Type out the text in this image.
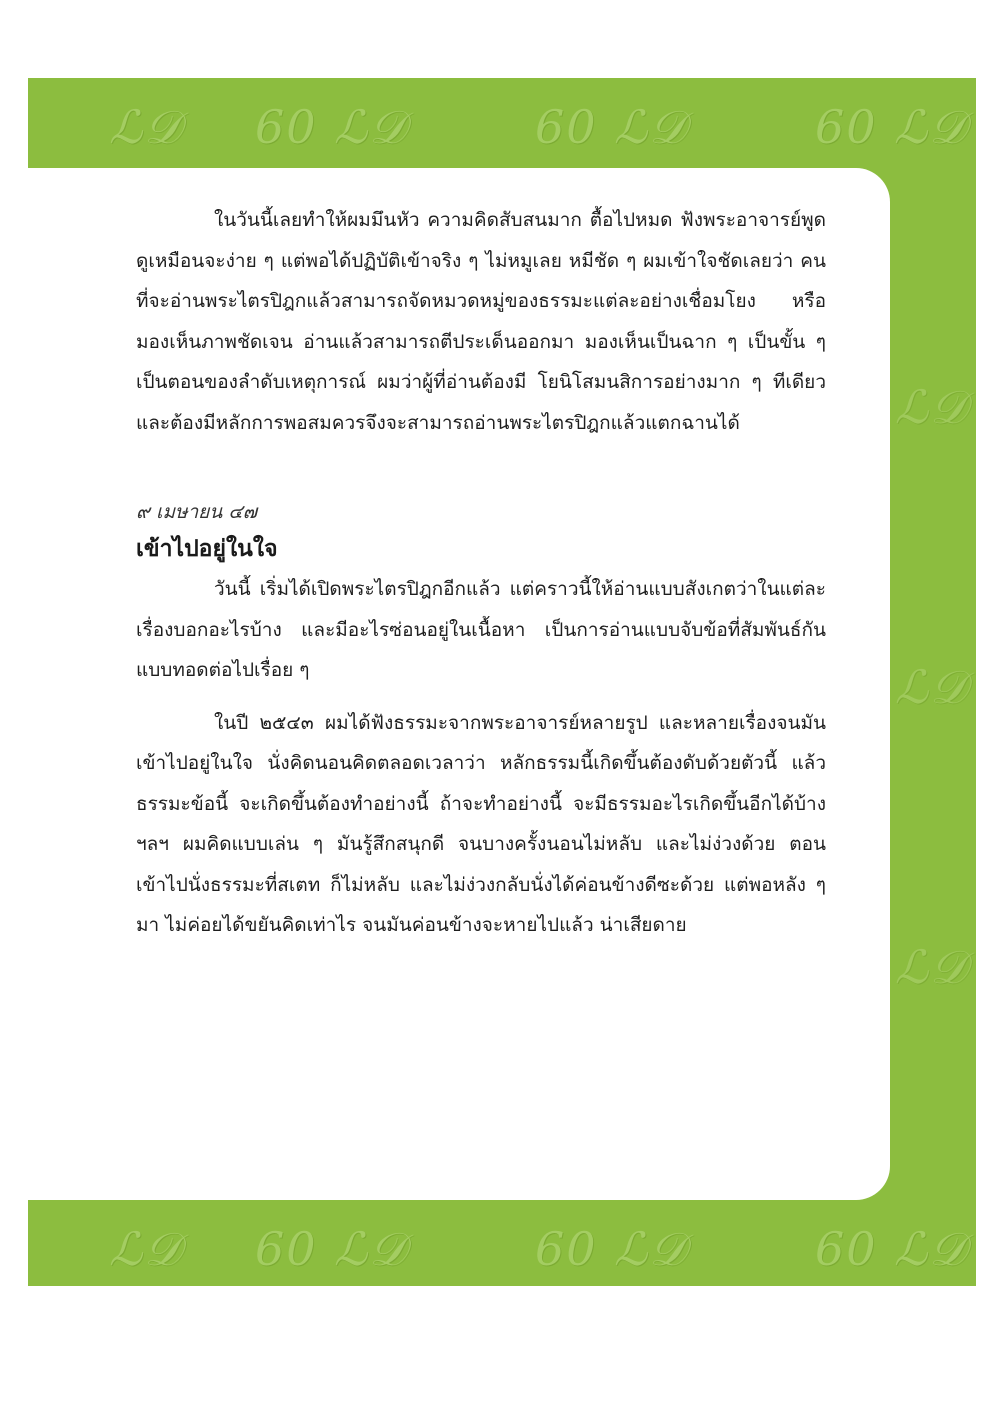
ℒ𝒟 60 ℒ𝒟	60 ℒ𝒟	60 ℒ𝒟
ℒ𝒟 60 ℒ𝒟	60 ℒ𝒟	60 ℒ𝒟
ℒ𝒟
ℒ𝒟
ℒ𝒟

ในวันนี้เลยทำให้ผมมึนหัว ความคิดสับสนมาก ตื้อไปหมด ฟังพระอาจารย์พูดดูเหมือนจะง่าย ๆ แต่พอได้ปฏิบัติเข้าจริง ๆ ไม่หมูเลย หมีชัด ๆ ผมเข้าใจชัดเลยว่า คนที่จะอ่านพระไตรปิฎกแล้วสามารถจัดหมวดหมู่ของธรรมะแต่ละอย่างเชื่อมโยง หรือมองเห็นภาพชัดเจน อ่านแล้วสามารถตีประเด็นออกมา มองเห็นเป็นฉาก ๆ เป็นขั้น ๆ เป็นตอนของลำดับเหตุการณ์ ผมว่าผู้ที่อ่านต้องมี โยนิโสมนสิการอย่างมาก ๆ ทีเดียว และต้องมีหลักการพอสมควรจึงจะสามารถอ่านพระไตรปิฎกแล้วแตกฉานได้

๙ เมษายน ๔๗
เข้าไปอยู่ในใจ

วันนี้ เริ่มได้เปิดพระไตรปิฎกอีกแล้ว แต่คราวนี้ให้อ่านแบบสังเกตว่าในแต่ละเรื่องบอกอะไรบ้าง และมีอะไรซ่อนอยู่ในเนื้อหา เป็นการอ่านแบบจับข้อที่สัมพันธ์กันแบบทอดต่อไปเรื่อย ๆ

ในปี ๒๕๔๓ ผมได้ฟังธรรมะจากพระอาจารย์หลายรูป และหลายเรื่องจนมันเข้าไปอยู่ในใจ นั่งคิดนอนคิดตลอดเวลาว่า หลักธรรมนี้เกิดขึ้นต้องดับด้วยตัวนี้ แล้วธรรมะข้อนี้ จะเกิดขึ้นต้องทำอย่างนี้ ถ้าจะทำอย่างนี้ จะมีธรรมอะไรเกิดขึ้นอีกได้บ้าง ฯลฯ ผมคิดแบบเล่น ๆ มันรู้สึกสนุกดี จนบางครั้งนอนไม่หลับ และไม่ง่วงด้วย ตอนเข้าไปนั่งธรรมะที่สเตท ก็ไม่หลับ และไม่ง่วงกลับนั่งได้ค่อนข้างดีซะด้วย แต่พอหลัง ๆ มา ไม่ค่อยได้ขยันคิดเท่าไร จนมันค่อนข้างจะหายไปแล้ว น่าเสียดาย
